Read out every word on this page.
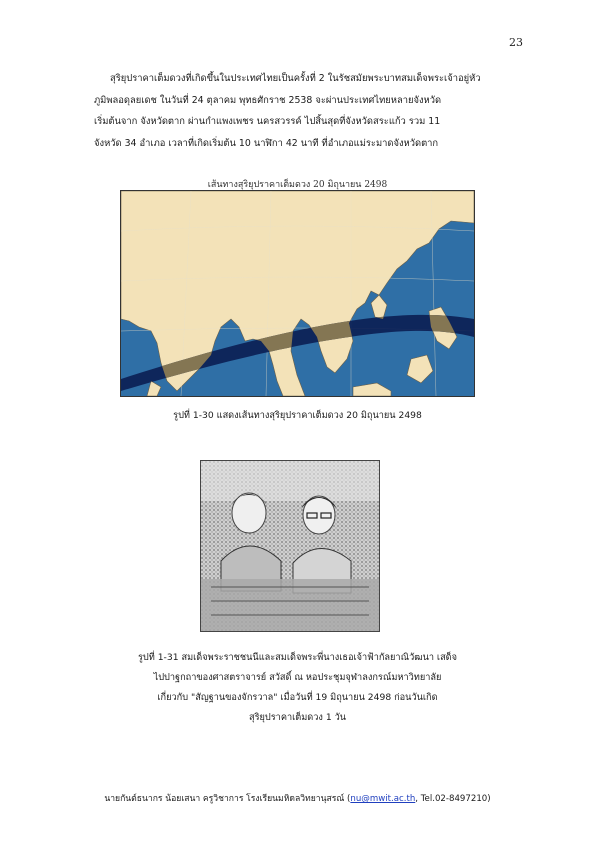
23
สุริยุปราคาเต็มดวงที่เกิดขึ้นในประเทศไทยเป็นครั้งที่ 2 ในรัชสมัยพระบาทสมเด็จพระเจ้าอยู่หัว
ภูมิพลอดุลยเดช ในวันที่ 24 ตุลาคม พุทธศักราช 2538 จะผ่านประเทศไทยหลายจังหวัด
เริ่มต้นจาก จังหวัดตาก ผ่านกำแพงเพชร นครสวรรค์ ไปสิ้นสุดที่จังหวัดสระแก้ว รวม 11
จังหวัด 34 อำเภอ เวลาที่เกิดเริ่มต้น 10 นาฬิกา 42 นาที ที่อำเภอแม่ระมาดจังหวัดตาก
เส้นทางสุริยุปราคาเต็มดวง 20 มิถุนายน 2498
รูปที่ 1-30 แสดงเส้นทางสุริยุปราคาเต็มดวง 20 มิถุนายน 2498
รูปที่ 1-31 สมเด็จพระราชชนนีและสมเด็จพระพี่นางเธอเจ้าฟ้ากัลยาณิวัฒนา เสด็จ
ไปปาฐกถาของศาสตราจารย์ สวัสดิ์ ณ หอประชุมจุฬาลงกรณ์มหาวิทยาลัย
เกี่ยวกับ "สัญฐานของจักรวาล" เมื่อวันที่ 19 มิถุนายน 2498 ก่อนวันเกิด
สุริยุปราคาเต็มดวง 1 วัน
นายกันต์ธนากร น้อยเสนา ครูวิชาการ โรงเรียนมหิดลวิทยานุสรณ์ (nu@mwit.ac.th, Tel.02-8497210)
